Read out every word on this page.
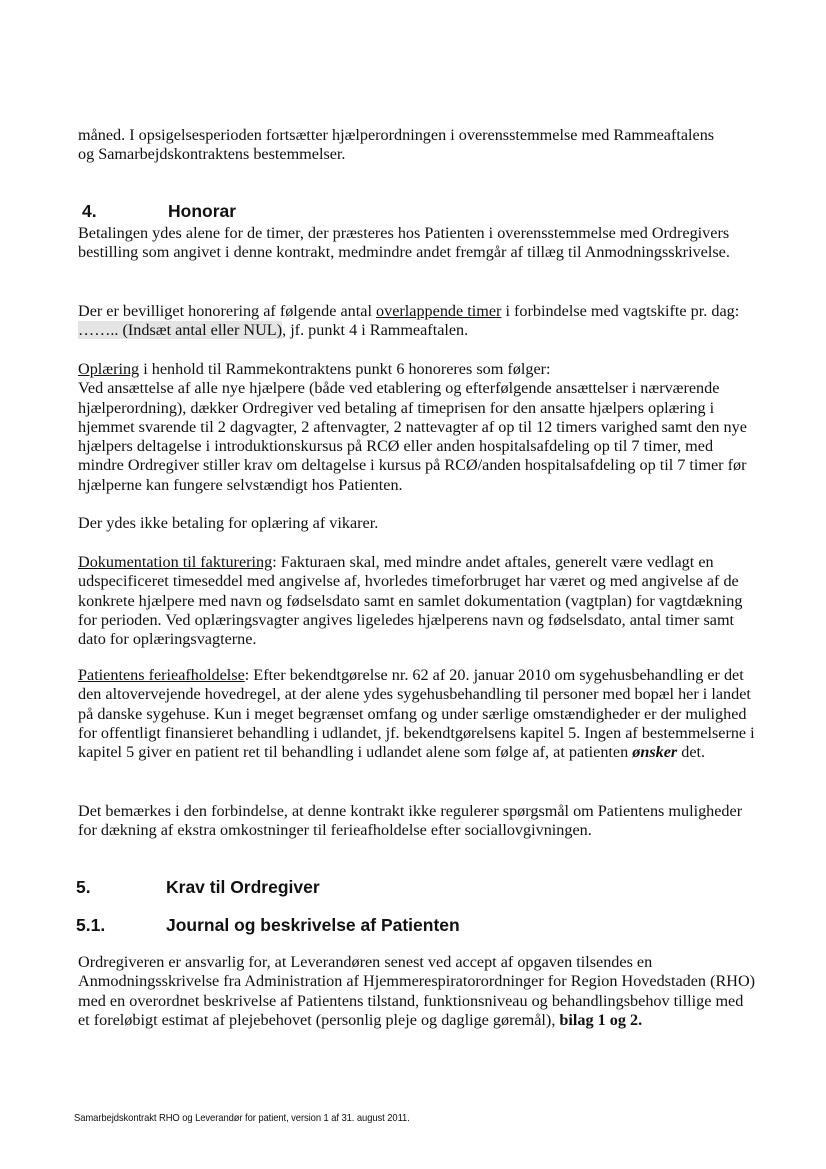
måned. I opsigelsesperioden fortsætter hjælperordningen i overensstemmelse med Rammeaftalens
og Samarbejdskontraktens bestemmelser.

4.	Honorar

Betalingen ydes alene for de timer, der præsteres hos Patienten i overensstemmelse med Ordregivers bestilling som angivet i denne kontrakt, medmindre andet fremgår af tillæg til Anmodningsskrivelse.

Der er bevilliget honorering af følgende antal overlappende timer i forbindelse med vagtskifte pr. dag: …….. (Indsæt antal eller NUL), jf. punkt 4 i Rammeaftalen.

Oplæring i henhold til Rammekontraktens punkt 6 honoreres som følger:
Ved ansættelse af alle nye hjælpere (både ved etablering og efterfølgende ansættelser i nærværende hjælperordning), dækker Ordregiver ved betaling af timeprisen for den ansatte hjælpers oplæring i hjemmet svarende til 2 dagvagter, 2 aftenvagter, 2 nattevagter af op til 12 timers varighed samt den nye hjælpers deltagelse i introduktionskursus på RCØ eller anden hospitalsafdeling op til 7 timer, med mindre Ordregiver stiller krav om deltagelse i kursus på RCØ/anden hospitalsafdeling op til 7 timer før hjælperne kan fungere selvstændigt hos Patienten.

Der ydes ikke betaling for oplæring af vikarer.

Dokumentation til fakturering: Fakturaen skal, med mindre andet aftales, generelt være vedlagt en udspecificeret timeseddel med angivelse af, hvorledes timeforbruget har været og med angivelse af de konkrete hjælpere med navn og fødselsdato samt en samlet dokumentation (vagtplan) for vagtdækning for perioden. Ved oplæringsvagter angives ligeledes hjælperens navn og fødselsdato, antal timer samt dato for oplæringsvagterne.

Patientens ferieafholdelse: Efter bekendtgørelse nr. 62 af 20. januar 2010 om sygehusbehandling er det den altovervejende hovedregel, at der alene ydes sygehusbehandling til personer med bopæl her i landet på danske sygehuse. Kun i meget begrænset omfang og under særlige omstændigheder er der mulighed for offentligt finansieret behandling i udlandet, jf. bekendtgørelsens kapitel 5. Ingen af bestemmelserne i kapitel 5 giver en patient ret til behandling i udlandet alene som følge af, at patienten ønsker det.

Det bemærkes i den forbindelse, at denne kontrakt ikke regulerer spørgsmål om Patientens muligheder for dækning af ekstra omkostninger til ferieafholdelse efter sociallovgivningen.

5.	Krav til Ordregiver
5.1.	Journal og beskrivelse af Patienten

Ordregiveren er ansvarlig for, at Leverandøren senest ved accept af opgaven tilsendes en Anmodningsskrivelse fra Administration af Hjemmerespiratorordninger for Region Hovedstaden (RHO) med en overordnet beskrivelse af Patientens tilstand, funktionsniveau og behandlingsbehov tillige med et foreløbigt estimat af plejebehovet (personlig pleje og daglige gøremål), bilag 1 og 2.

Samarbejdskontrakt RHO og Leverandør for patient, version 1 af 31. august 2011.
